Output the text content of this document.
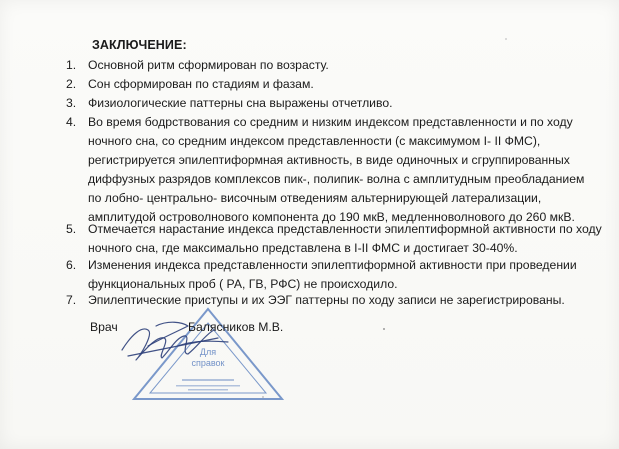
ЗАКЛЮЧЕНИЕ:
1. Основной ритм сформирован по возрасту.
2. Сон сформирован по стадиям и фазам.
3. Физиологические паттерны сна выражены отчетливо.
4. Во время бодрствования со средним и низким индексом представленности и по ходу
ночного сна, со средним индексом представленности (с максимумом I- II ФМС),
регистрируется эпилептиформная активность, в виде одиночных и сгруппированных
диффузных разрядов комплексов пик-, полипик- волна с амплитудным преобладанием
по лобно- центрально- височным отведениям альтернирующей латерализации,
амплитудой островолнового компонента до 190 мкВ, медленноволнового до 260 мкВ.
5. Отмечается нарастание индекса представленности эпилептиформной активности по ходу
ночного сна, где максимально представлена в I-II ФМС и достигает 30-40%.
6. Изменения индекса представленности эпилептиформной активности при проведении
функциональных проб ( РА, ГВ, РФС) не происходило.
7. Эпилептические приступы и их ЭЭГ паттерны по ходу записи не зарегистрированы.
Для
справок
Врач	Балясников М.В.
